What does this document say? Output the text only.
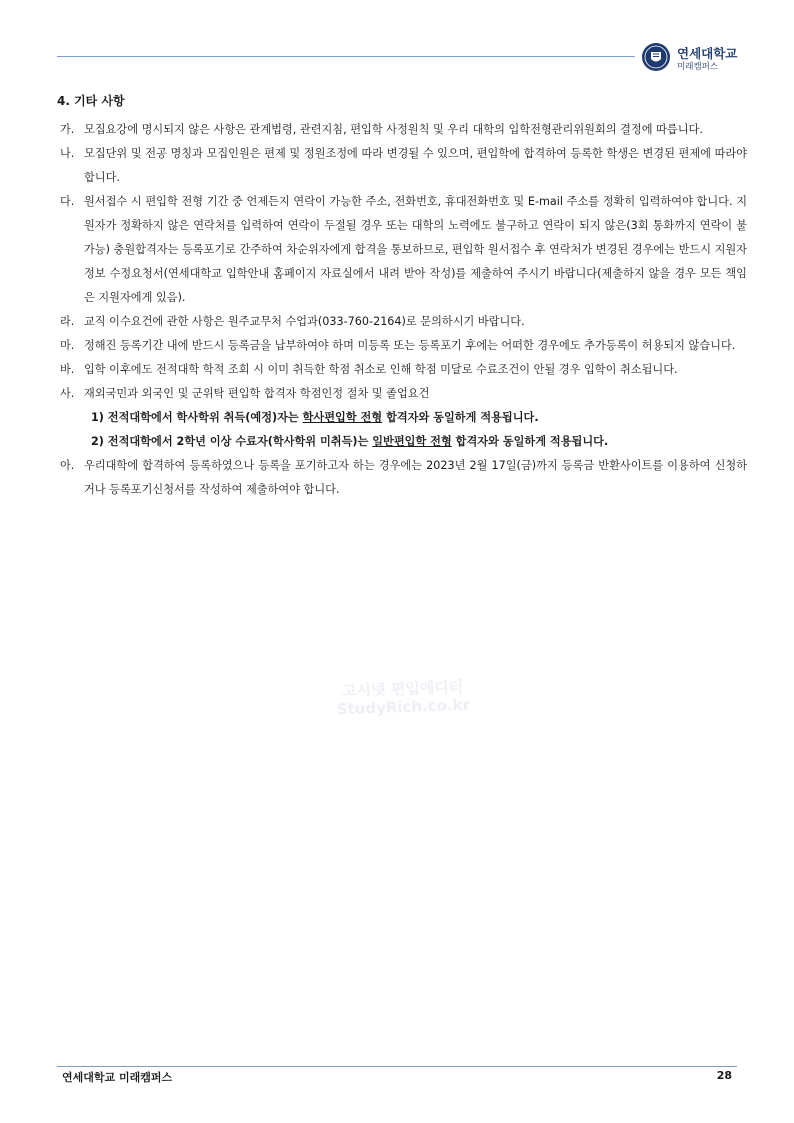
연세대학교
미래캠퍼스
4. 기타 사항
가. 모집요강에 명시되지 않은 사항은 관계법령, 관련지침, 편입학 사정원칙 및 우리 대학의 입학전형관리위원회의 결정에 따릅니다.
나. 모집단위 및 전공 명칭과 모집인원은 편제 및 정원조정에 따라 변경될 수 있으며, 편입학에 합격하여 등록한 학생은 변경된 편제에 따라야 합니다.
다. 원서접수 시 편입학 전형 기간 중 언제든지 연락이 가능한 주소, 전화번호, 휴대전화번호 및 E-mail 주소를 정확히 입력하여야 합니다. 지원자가 정확하지 않은 연락처를 입력하여 연락이 두절될 경우 또는 대학의 노력에도 불구하고 연락이 되지 않은(3회 통화까지 연락이 불가능) 충원합격자는 등록포기로 간주하여 차순위자에게 합격을 통보하므로, 편입학 원서접수 후 연락처가 변경된 경우에는 반드시 지원자 정보 수정요청서(연세대학교 입학안내 홈페이지 자료실에서 내려 받아 작성)를 제출하여 주시기 바랍니다(제출하지 않을 경우 모든 책임은 지원자에게 있음).
라. 교직 이수요건에 관한 사항은 원주교무처 수업과(033-760-2164)로 문의하시기 바랍니다.
마. 정해진 등록기간 내에 반드시 등록금을 납부하여야 하며 미등록 또는 등록포기 후에는 어떠한 경우에도 추가등록이 허용되지 않습니다.
바. 입학 이후에도 전적대학 학적 조회 시 이미 취득한 학점 취소로 인해 학점 미달로 수료조건이 안될 경우 입학이 취소됩니다.
사. 재외국민과 외국인 및 군위탁 편입학 합격자 학점인정 절차 및 졸업요건
1) 전적대학에서 학사학위 취득(예정)자는 학사편입학 전형 합격자와 동일하게 적용됩니다.
2) 전적대학에서 2학년 이상 수료자(학사학위 미취득)는 일반편입학 전형 합격자와 동일하게 적용됩니다.
아. 우리대학에 합격하여 등록하였으나 등록을 포기하고자 하는 경우에는 2023년 2월 17일(금)까지 등록금 반환사이트를 이용하여 신청하거나 등록포기신청서를 작성하여 제출하여야 합니다.
고시넷 편입에디터
StudyRich.co.kr
연세대학교 미래캠퍼스	28
